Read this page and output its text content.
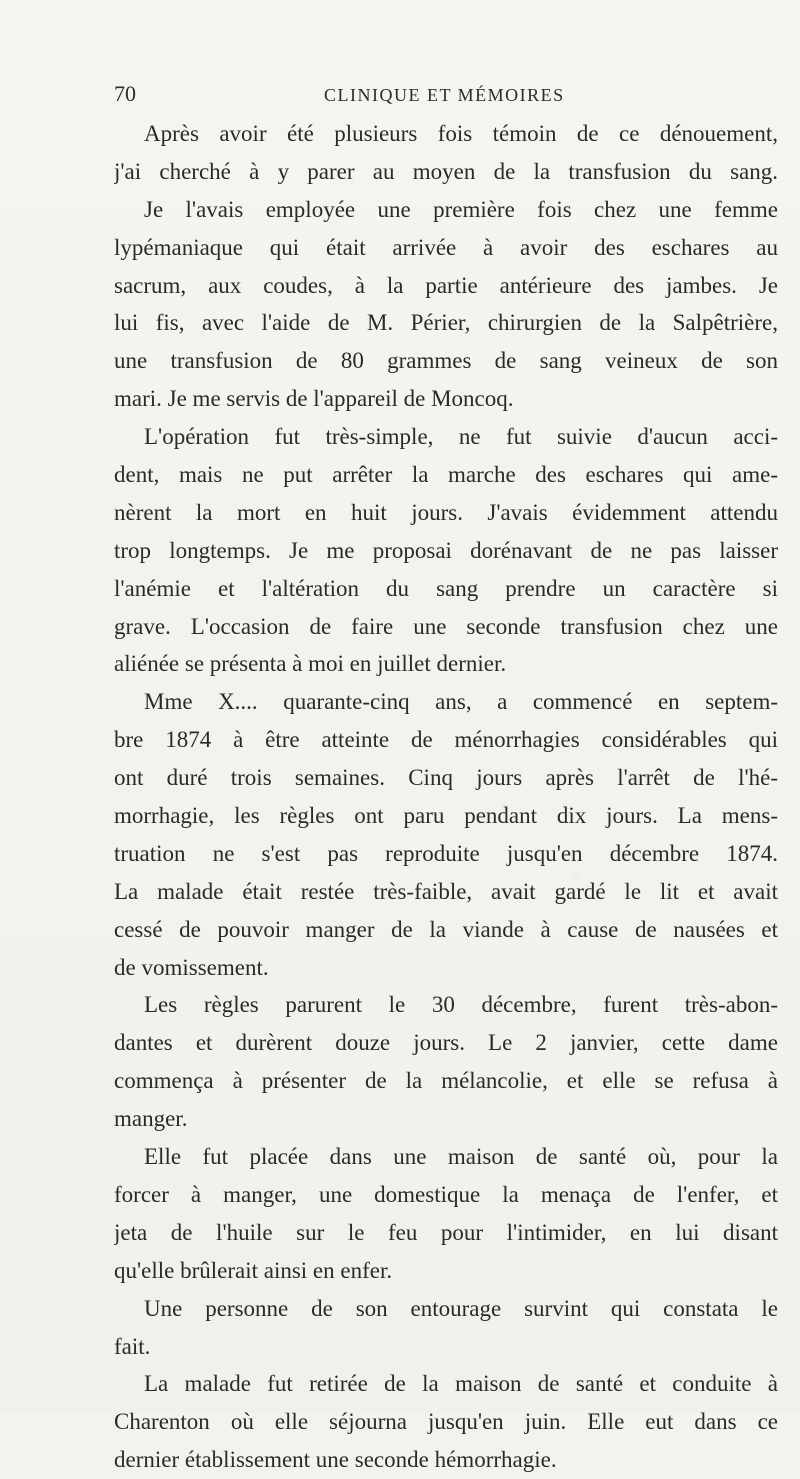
70	CLINIQUE ET MÉMOIRES
Après avoir été plusieurs fois témoin de ce dénouement,
j'ai cherché à y parer au moyen de la transfusion du sang.
Je l'avais employée une première fois chez une femme
lypémaniaque qui était arrivée à avoir des eschares au
sacrum, aux coudes, à la partie antérieure des jambes. Je
lui fis, avec l'aide de M. Périer, chirurgien de la Salpêtrière,
une transfusion de 80 grammes de sang veineux de son
mari. Je me servis de l'appareil de Moncoq.
L'opération fut très-simple, ne fut suivie d'aucun acci-
dent, mais ne put arrêter la marche des eschares qui ame-
nèrent la mort en huit jours. J'avais évidemment attendu
trop longtemps. Je me proposai dorénavant de ne pas laisser
l'anémie et l'altération du sang prendre un caractère si
grave. L'occasion de faire une seconde transfusion chez une
aliénée se présenta à moi en juillet dernier.
Mme X.... quarante-cinq ans, a commencé en septem-
bre 1874 à être atteinte de ménorrhagies considérables qui
ont duré trois semaines. Cinq jours après l'arrêt de l'hé-
morrhagie, les règles ont paru pendant dix jours. La mens-
truation ne s'est pas reproduite jusqu'en décembre 1874.
La malade était restée très-faible, avait gardé le lit et avait
cessé de pouvoir manger de la viande à cause de nausées et
de vomissement.
Les règles parurent le 30 décembre, furent très-abon-
dantes et durèrent douze jours. Le 2 janvier, cette dame
commença à présenter de la mélancolie, et elle se refusa à
manger.
Elle fut placée dans une maison de santé où, pour la
forcer à manger, une domestique la menaça de l'enfer, et
jeta de l'huile sur le feu pour l'intimider, en lui disant
qu'elle brûlerait ainsi en enfer.
Une personne de son entourage survint qui constata le
fait.
La malade fut retirée de la maison de santé et conduite à
Charenton où elle séjourna jusqu'en juin. Elle eut dans ce
dernier établissement une seconde hémorrhagie.
